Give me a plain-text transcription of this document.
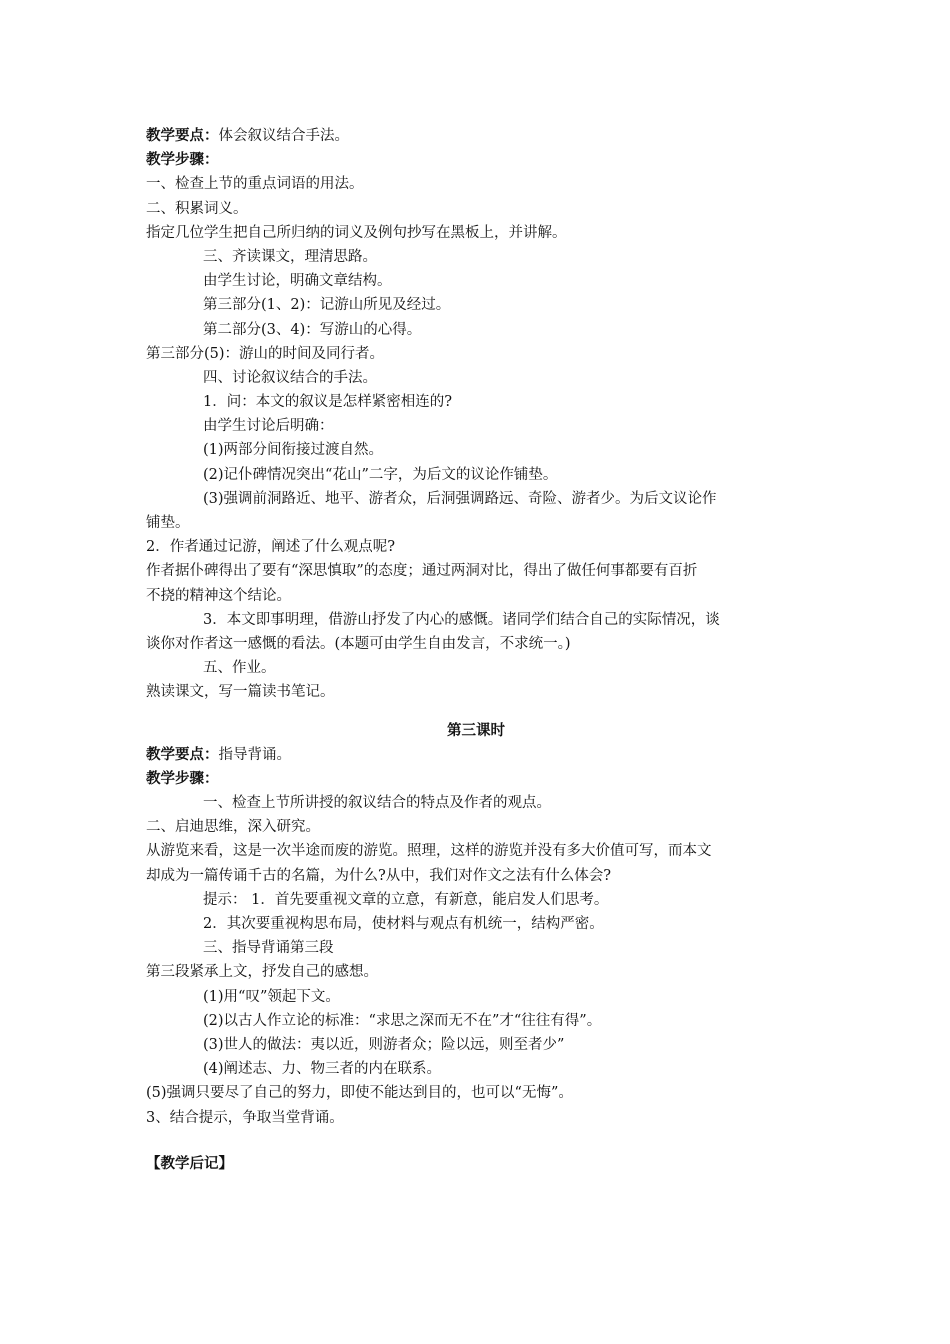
教学要点：体会叙议结合手法。
教学步骤：
一、检查上节的重点词语的用法。
二、积累词义。
指定几位学生把自己所归纳的词义及例句抄写在黑板上，并讲解。
三、齐读课文，理清思路。
由学生讨论，明确文章结构。
第三部分(1、2)：记游山所见及经过。
第二部分(3、4)：写游山的心得。
第三部分(5)：游山的时间及同行者。
四、讨论叙议结合的手法。
1．问：本文的叙议是怎样紧密相连的?
由学生讨论后明确：
(1)两部分间衔接过渡自然。
(2)记仆碑情况突出“花山”二字，为后文的议论作铺垫。
(3)强调前洞路近、地平、游者众，后洞强调路远、奇险、游者少。为后文议论作
铺垫。
2．作者通过记游，阐述了什么观点呢?
作者据仆碑得出了要有“深思慎取”的态度；通过两洞对比，得出了做任何事都要有百折
不挠的精神这个结论。
3．本文即事明理，借游山抒发了内心的感慨。诸同学们结合自己的实际情况，谈
谈你对作者这一感慨的看法。(本题可由学生自由发言，不求统一。)
五、作业。
熟读课文，写一篇读书笔记。
第三课时
教学要点：指导背诵。
教学步骤：
一、检查上节所讲授的叙议结合的特点及作者的观点。
二、启迪思维，深入研究。
从游览来看，这是一次半途而废的游览。照理，这样的游览并没有多大价值可写，而本文
却成为一篇传诵千古的名篇，为什么?从中，我们对作文之法有什么体会?
提示： 1．首先要重视文章的立意，有新意，能启发人们思考。
2．其次要重视构思布局，使材料与观点有机统一，结构严密。
三、指导背诵第三段
第三段紧承上文，抒发自己的感想。
(1)用“叹”领起下文。
(2)以古人作立论的标准：“求思之深而无不在”才“往往有得”。
(3)世人的做法：夷以近，则游者众；险以远，则至者少”
(4)阐述志、力、物三者的内在联系。
(5)强调只要尽了自己的努力，即使不能达到目的，也可以“无悔”。
3、结合提示，争取当堂背诵。
【教学后记】
